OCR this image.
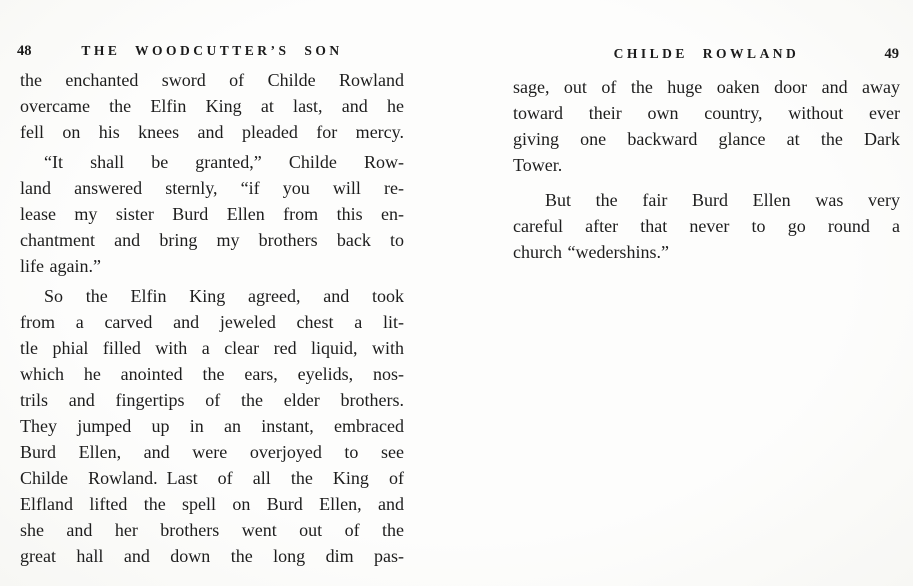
48	THE WOODCUTTER’S SON
the enchanted sword of Childe Rowland
overcame the Elfin King at last, and he
fell on his knees and pleaded for mercy.
“It shall be granted,” Childe Row-
land answered sternly, “if you will re-
lease my sister Burd Ellen from this en-
chantment and bring my brothers back to
life again.”
So the Elfin King agreed, and took
from a carved and jeweled chest a lit-
tle phial filled with a clear red liquid, with
which he anointed the ears, eyelids, nos-
trils and fingertips of the elder brothers.
They jumped up in an instant, embraced
Burd Ellen, and were overjoyed to see
Childe Rowland. Last of all the King of
Elfland lifted the spell on Burd Ellen, and
she and her brothers went out of the
great hall and down the long dim pas-
CHILDE ROWLAND	49
sage, out of the huge oaken door and away
toward their own country, without ever
giving one backward glance at the Dark
Tower.
But the fair Burd Ellen was very
careful after that never to go round a
church “wedershins.”
